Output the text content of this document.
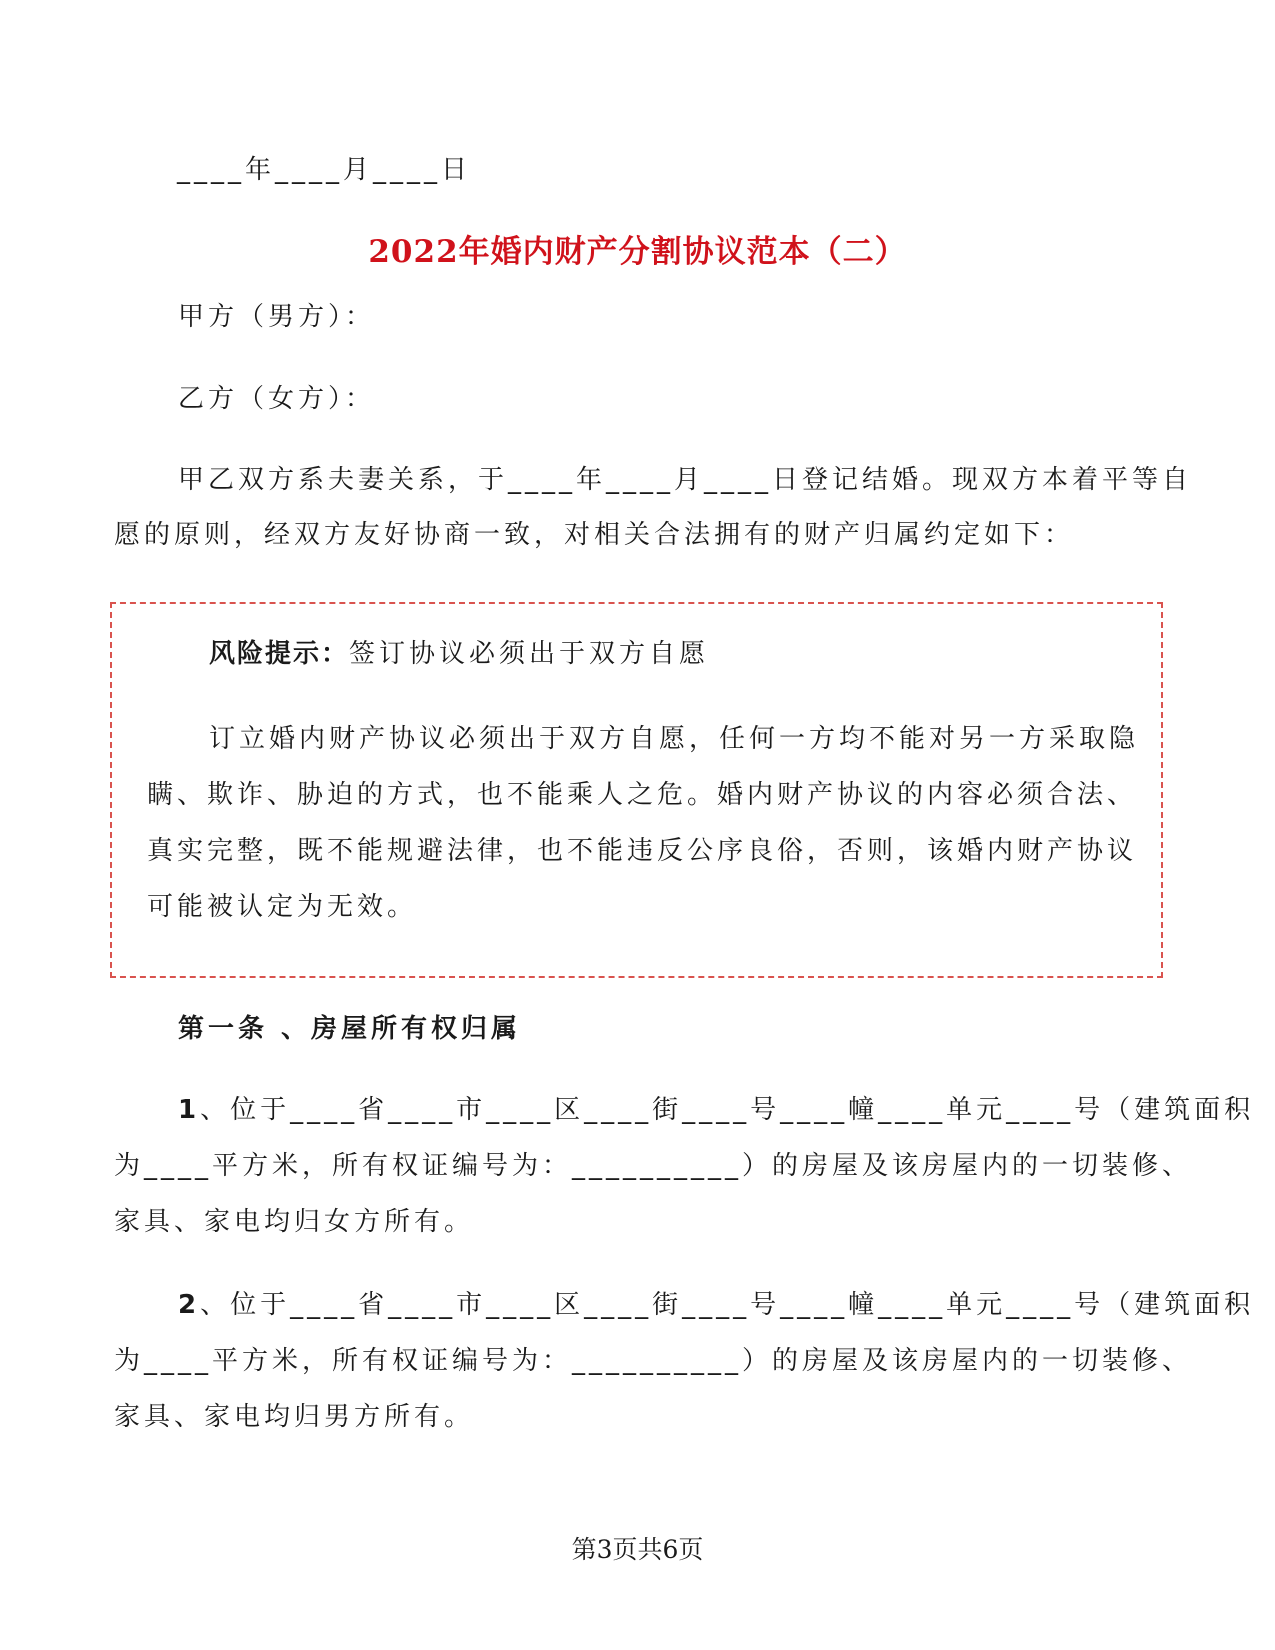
____年____月____日
2022年婚内财产分割协议范本（二）
甲方（男方）：
乙方（女方）：
甲乙双方系夫妻关系，于____年____月____日登记结婚。现双方本着平等自
愿的原则，经双方友好协商一致，对相关合法拥有的财产归属约定如下：
风险提示：签订协议必须出于双方自愿
订立婚内财产协议必须出于双方自愿，任何一方均不能对另一方采取隐
瞒、欺诈、胁迫的方式，也不能乘人之危。婚内财产协议的内容必须合法、
真实完整，既不能规避法律，也不能违反公序良俗，否则，该婚内财产协议
可能被认定为无效。
第一条 、房屋所有权归属
1、位于____省____市____区____街____号____幢____单元____号（建筑面积
为____平方米，所有权证编号为：__________）的房屋及该房屋内的一切装修、
家具、家电均归女方所有。
2、位于____省____市____区____街____号____幢____单元____号（建筑面积
为____平方米，所有权证编号为：__________）的房屋及该房屋内的一切装修、
家具、家电均归男方所有。
第3页共6页
